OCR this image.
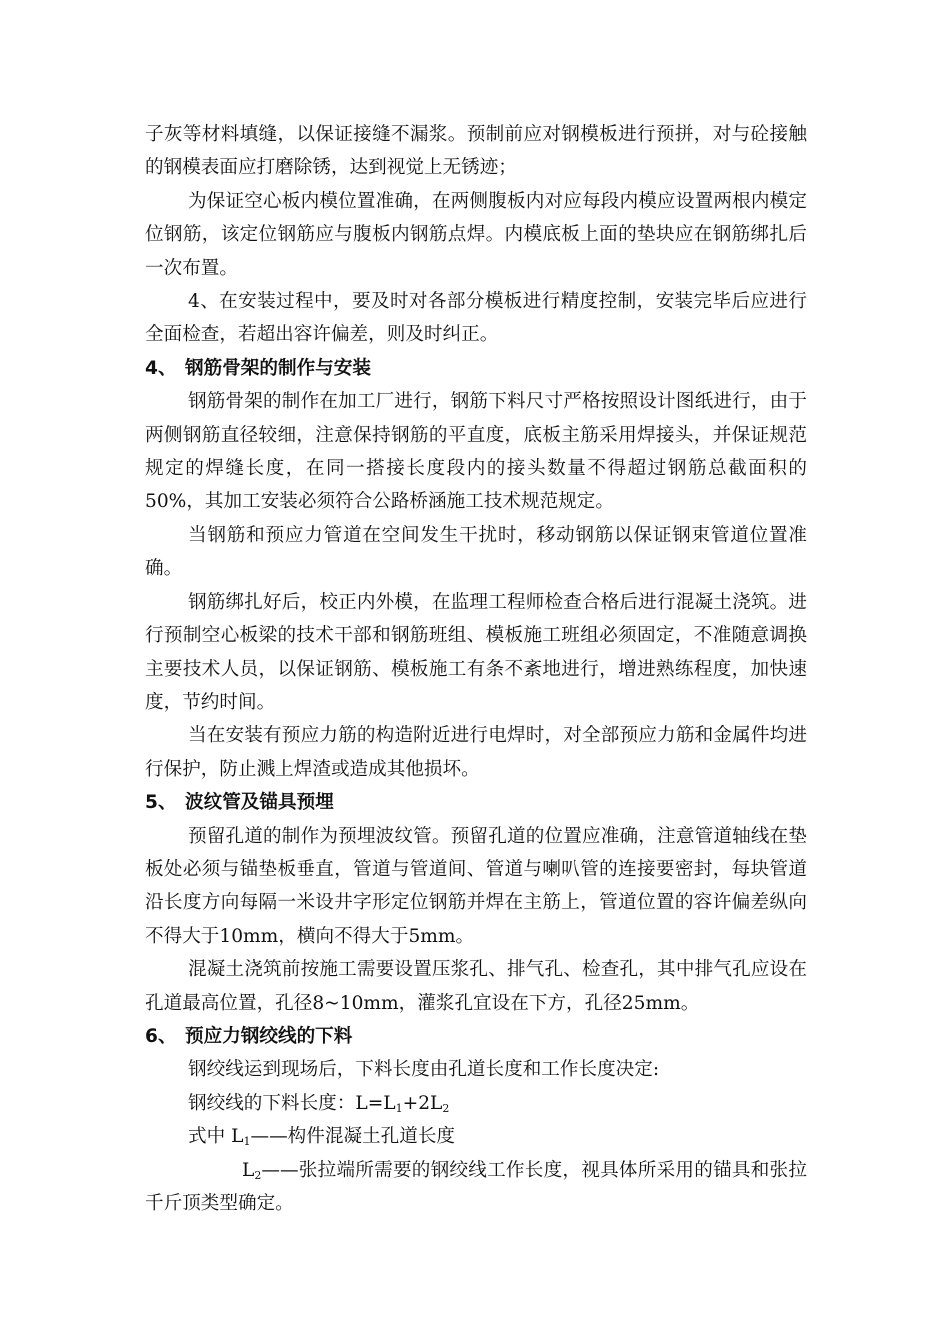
子灰等材料填缝，以保证接缝不漏浆。预制前应对钢模板进行预拼，对与砼接触的钢模表面应打磨除锈，达到视觉上无锈迹；

为保证空心板内模位置准确，在两侧腹板内对应每段内模应设置两根内模定位钢筋，该定位钢筋应与腹板内钢筋点焊。内模底板上面的垫块应在钢筋绑扎后一次布置。

4、在安装过程中，要及时对各部分模板进行精度控制，安装完毕后应进行全面检查，若超出容许偏差，则及时纠正。

4、 钢筋骨架的制作与安装

钢筋骨架的制作在加工厂进行，钢筋下料尺寸严格按照设计图纸进行，由于两侧钢筋直径较细，注意保持钢筋的平直度，底板主筋采用焊接头，并保证规范规定的焊缝长度，在同一搭接长度段内的接头数量不得超过钢筋总截面积的50%，其加工安装必须符合公路桥涵施工技术规范规定。

当钢筋和预应力管道在空间发生干扰时，移动钢筋以保证钢束管道位置准确。

钢筋绑扎好后，校正内外模，在监理工程师检查合格后进行混凝土浇筑。进行预制空心板梁的技术干部和钢筋班组、模板施工班组必须固定，不准随意调换主要技术人员，以保证钢筋、模板施工有条不紊地进行，增进熟练程度，加快速度，节约时间。

当在安装有预应力筋的构造附近进行电焊时，对全部预应力筋和金属件均进行保护，防止溅上焊渣或造成其他损坏。

5、 波纹管及锚具预埋

预留孔道的制作为预埋波纹管。预留孔道的位置应准确，注意管道轴线在垫板处必须与锚垫板垂直，管道与管道间、管道与喇叭管的连接要密封，每块管道沿长度方向每隔一米设井字形定位钢筋并焊在主筋上，管道位置的容许偏差纵向不得大于10mm，横向不得大于5mm。

混凝土浇筑前按施工需要设置压浆孔、排气孔、检查孔，其中排气孔应设在孔道最高位置，孔径8~10mm，灌浆孔宜设在下方，孔径25mm。

6、 预应力钢绞线的下料

钢绞线运到现场后，下料长度由孔道长度和工作长度决定:

钢绞线的下料长度：$L=L_1+2L_2$

式中 $L_1——$构件混凝土孔道长度

$L_2——$张拉端所需要的钢绞线工作长度，视具体所采用的锚具和张拉千斤顶类型确定。
